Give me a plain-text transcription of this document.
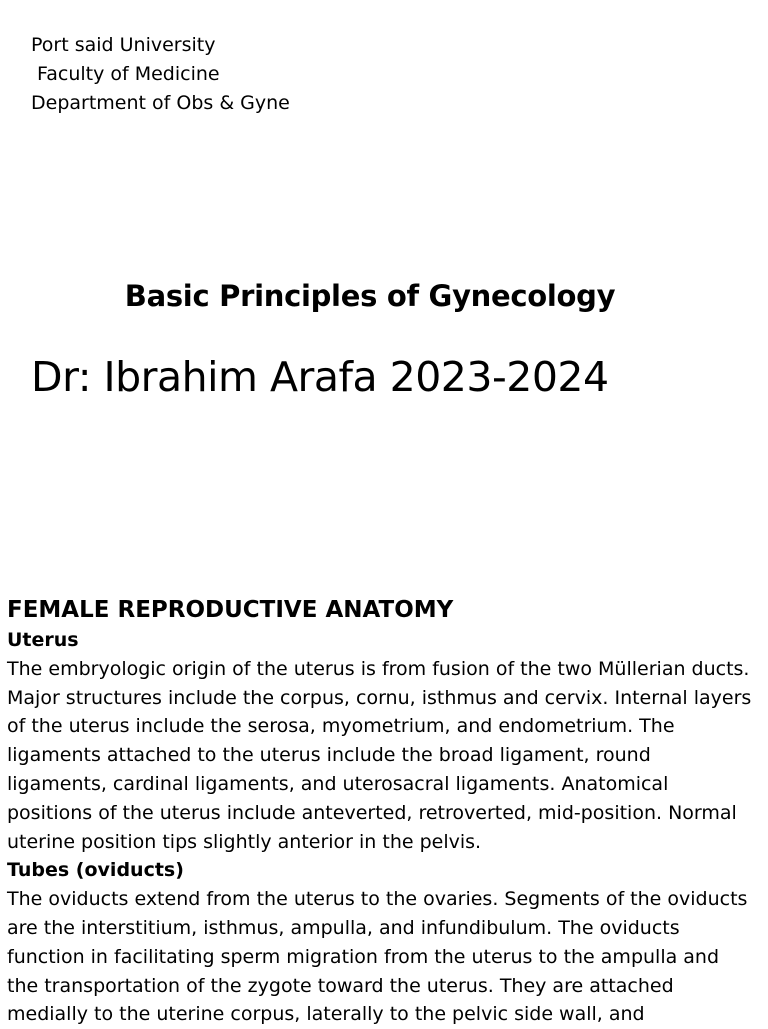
Port said University
Faculty of Medicine
Department of Obs & Gyne
Basic Principles of Gynecology
Dr: Ibrahim Arafa 2023-2024

FEMALE REPRODUCTIVE ANATOMY

Uterus

The embryologic origin of the uterus is from fusion of the two Müllerian ducts. Major structures include the corpus, cornu, isthmus and cervix. Internal layers of the uterus include the serosa, myometrium, and endometrium. The ligaments attached to the uterus include the broad ligament, round ligaments, cardinal ligaments, and uterosacral ligaments. Anatomical positions of the uterus include anteverted, retroverted, mid-position. Normal uterine position tips slightly anterior in the pelvis.

Tubes (oviducts)

The oviducts extend from the uterus to the ovaries. Segments of the oviducts are the interstitium, isthmus, ampulla, and infundibulum. The oviducts function in facilitating sperm migration from the uterus to the ampulla and the transportation of the zygote toward the uterus. They are attached medially to the uterine corpus, laterally to the pelvic side wall, and
